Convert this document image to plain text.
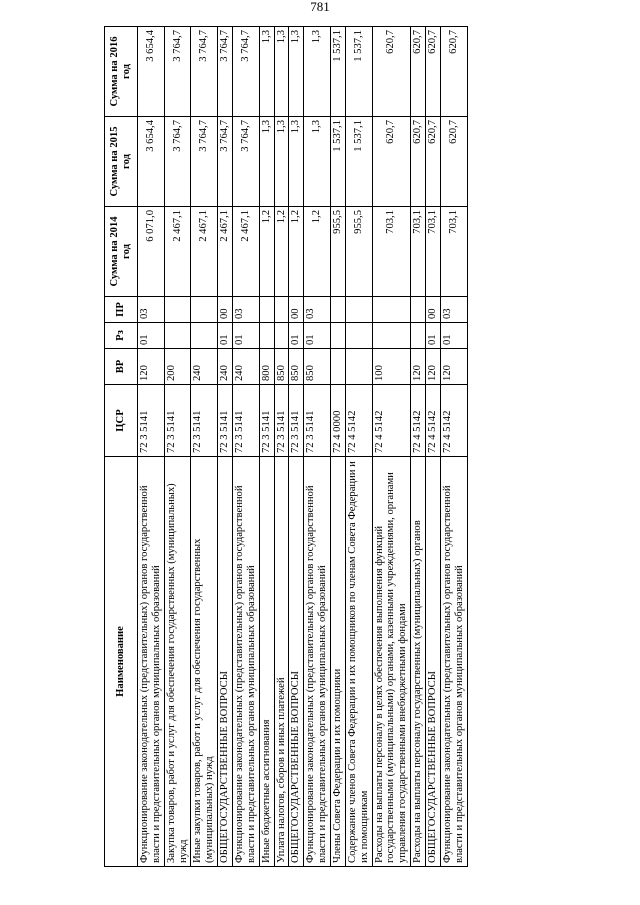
781
Наименование	ЦСР	ВР	Рз	ПР	Сумма на 2014 год	Сумма на 2015 год	Сумма на 2016 год
Функционирование законодательных (представительных) органов государственной власти и представительных органов муниципальных образований	72 3 5141	120	01	03	6 071,0	3 654,4	3 654,4
Закупка товаров, работ и услуг для обеспечения государственных (муниципальных) нужд	72 3 5141	200			2 467,1	3 764,7	3 764,7
Иные закупки товаров, работ и услуг для обеспечения государственных (муниципальных) нужд	72 3 5141	240			2 467,1	3 764,7	3 764,7
ОБЩЕГОСУДАРСТВЕННЫЕ ВОПРОСЫ	72 3 5141	240	01	00	2 467,1	3 764,7	3 764,7
Функционирование законодательных (представительных) органов государственной власти и представительных органов муниципальных образований	72 3 5141	240	01	03	2 467,1	3 764,7	3 764,7
Иные бюджетные ассигнования	72 3 5141	800			1,2	1,3	1,3
Уплата налогов, сборов и иных платежей	72 3 5141	850			1,2	1,3	1,3
ОБЩЕГОСУДАРСТВЕННЫЕ ВОПРОСЫ	72 3 5141	850	01	00	1,2	1,3	1,3
Функционирование законодательных (представительных) органов государственной власти и представительных органов муниципальных образований	72 3 5141	850	01	03	1,2	1,3	1,3
Члены Совета Федерации и их помощники	72 4 0000				955,5	1 537,1	1 537,1
Содержание членов Совета Федерации и их помощников по членам Совета Федерации и их помощникам	72 4 5142				955,5	1 537,1	1 537,1
Расходы на выплаты персоналу в целях обеспечения выполнения функций государственными (муниципальными) органами, казенными учреждениями, органами управления государственными внебюджетными фондами	72 4 5142	100			703,1	620,7	620,7
Расходы на выплаты персоналу государственных (муниципальных) органов	72 4 5142	120			703,1	620,7	620,7
ОБЩЕГОСУДАРСТВЕННЫЕ ВОПРОСЫ	72 4 5142	120	01	00	703,1	620,7	620,7
Функционирование законодательных (представительных) органов государственной власти и представительных органов муниципальных образований	72 4 5142	120	01	03	703,1	620,7	620,7
